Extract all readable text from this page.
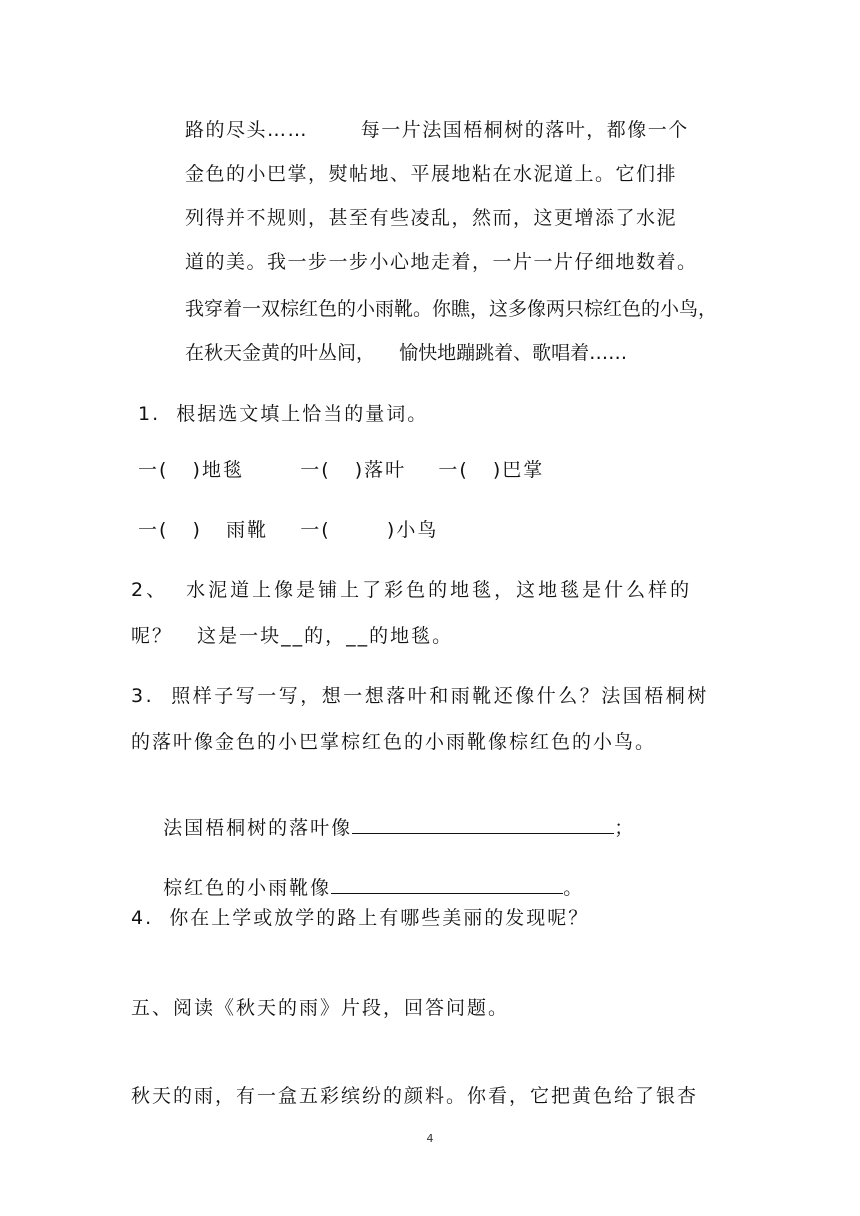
路的尽头……       每一片法国梧桐树的落叶，都像一个
金色的小巴掌，熨帖地、平展地粘在水泥道上。它们排
列得并不规则，甚至有些凌乱，然而，这更增添了水泥
道的美。我一步一步小心地走着，一片一片仔细地数着。
我穿着一双棕红色的小雨靴。你瞧，这多像两只棕红色的小鸟，
在秋天金黄的叶丛间，    愉快地蹦跳着、歌唱着……
1.  根据选文填上恰当的量词。
一(   )地毯       一(   )落叶    一(   )巴掌
一(   )   雨靴    一(       )小鸟
2、  水泥道上像是铺上了彩色的地毯，这地毯是什么样的
呢？   这是一块__的，__的地毯。
3.  照样子写一写，想一想落叶和雨靴还像什么？法国梧桐树
的落叶像金色的小巴掌棕红色的小雨靴像棕红色的小鸟。

法国梧桐树的落叶像	；

棕红色的小雨靴像	。

4.  你在上学或放学的路上有哪些美丽的发现呢？
五、阅读《秋天的雨》片段，回答问题。
秋天的雨，有一盒五彩缤纷的颜料。你看，它把黄色给了银杏
4
